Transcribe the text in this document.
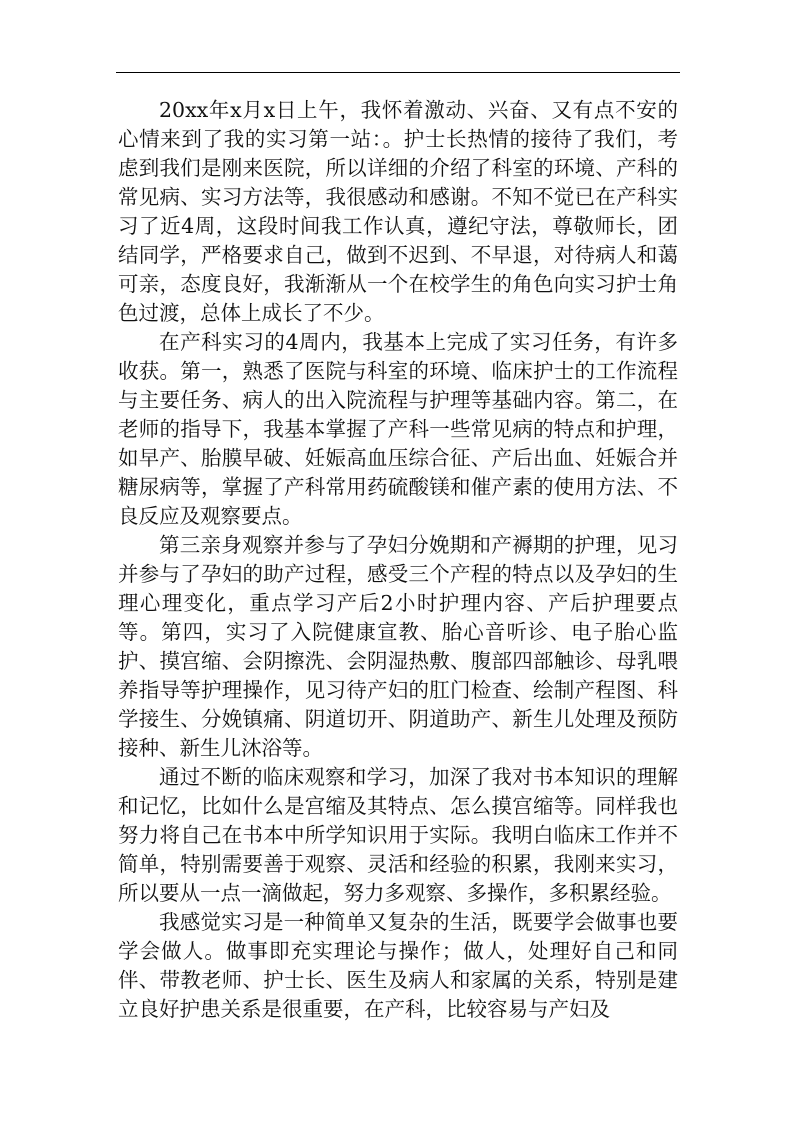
20xx年x月x日上午，我怀着激动、兴奋、又有点不安的心情来到了我的实习第一站：。护士长热情的接待了我们，考虑到我们是刚来医院，所以详细的介绍了科室的环境、产科的常见病、实习方法等，我很感动和感谢。不知不觉已在产科实习了近4周，这段时间我工作认真，遵纪守法，尊敬师长，团结同学，严格要求自己，做到不迟到、不早退，对待病人和蔼可亲，态度良好，我渐渐从一个在校学生的角色向实习护士角色过渡，总体上成长了不少。

在产科实习的4周内，我基本上完成了实习任务，有许多收获。第一，熟悉了医院与科室的环境、临床护士的工作流程与主要任务、病人的出入院流程与护理等基础内容。第二，在老师的指导下，我基本掌握了产科一些常见病的特点和护理，如早产、胎膜早破、妊娠高血压综合征、产后出血、妊娠合并糖尿病等，掌握了产科常用药硫酸镁和催产素的使用方法、不良反应及观察要点。

第三亲身观察并参与了孕妇分娩期和产褥期的护理，见习并参与了孕妇的助产过程，感受三个产程的特点以及孕妇的生理心理变化，重点学习产后2小时护理内容、产后护理要点等。第四，实习了入院健康宣教、胎心音听诊、电子胎心监护、摸宫缩、会阴擦洗、会阴湿热敷、腹部四部触诊、母乳喂养指导等护理操作，见习待产妇的肛门检查、绘制产程图、科学接生、分娩镇痛、阴道切开、阴道助产、新生儿处理及预防接种、新生儿沐浴等。

通过不断的临床观察和学习，加深了我对书本知识的理解和记忆，比如什么是宫缩及其特点、怎么摸宫缩等。同样我也努力将自己在书本中所学知识用于实际。我明白临床工作并不简单，特别需要善于观察、灵活和经验的积累，我刚来实习，所以要从一点一滴做起，努力多观察、多操作，多积累经验。

我感觉实习是一种简单又复杂的生活，既要学会做事也要学会做人。做事即充实理论与操作；做人，处理好自己和同伴、带教老师、护士长、医生及病人和家属的关系，特别是建立良好护患关系是很重要，在产科，比较容易与产妇及
